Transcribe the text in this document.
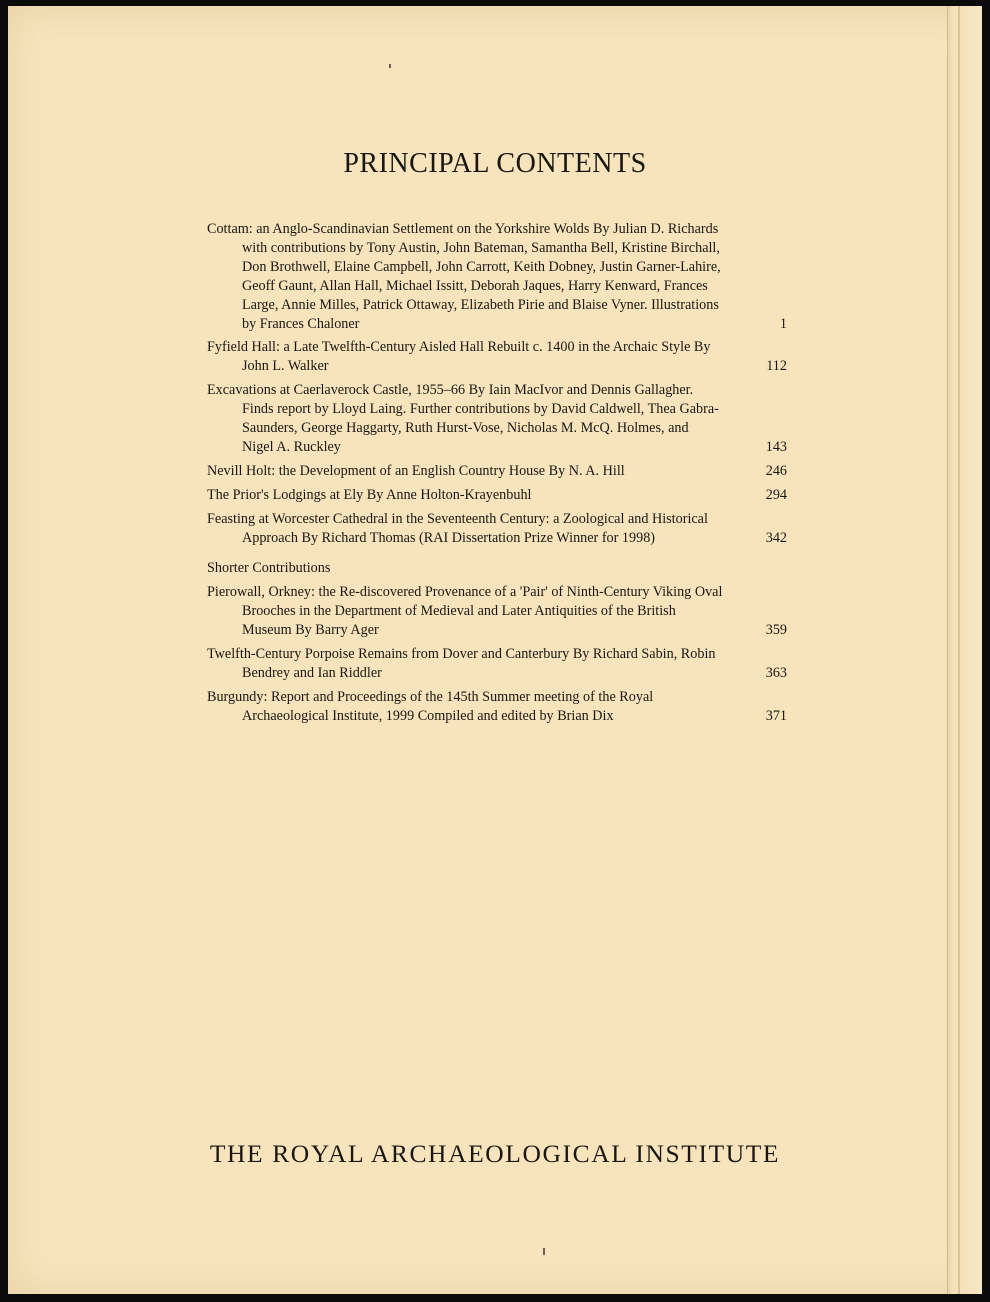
PRINCIPAL CONTENTS
Cottam: an Anglo-Scandinavian Settlement on the Yorkshire Wolds By Julian D. Richards with contributions by Tony Austin, John Bateman, Samantha Bell, Kristine Birchall, Don Brothwell, Elaine Campbell, John Carrott, Keith Dobney, Justin Garner-Lahire, Geoff Gaunt, Allan Hall, Michael Issitt, Deborah Jaques, Harry Kenward, Frances Large, Annie Milles, Patrick Ottaway, Elizabeth Pirie and Blaise Vyner. Illustrations by Frances Chaloner	1
Fyfield Hall: a Late Twelfth-Century Aisled Hall Rebuilt c. 1400 in the Archaic Style By John L. Walker	112
Excavations at Caerlaverock Castle, 1955–66 By Iain MacIvor and Dennis Gallagher. Finds report by Lloyd Laing. Further contributions by David Caldwell, Thea Gabra-Saunders, George Haggarty, Ruth Hurst-Vose, Nicholas M. McQ. Holmes, and Nigel A. Ruckley	143
Nevill Holt: the Development of an English Country House By N. A. Hill	246
The Prior's Lodgings at Ely By Anne Holton-Krayenbuhl	294
Feasting at Worcester Cathedral in the Seventeenth Century: a Zoological and Historical Approach By Richard Thomas (RAI Dissertation Prize Winner for 1998)	342
Shorter Contributions
Pierowall, Orkney: the Re-discovered Provenance of a 'Pair' of Ninth-Century Viking Oval Brooches in the Department of Medieval and Later Antiquities of the British Museum By Barry Ager	359
Twelfth-Century Porpoise Remains from Dover and Canterbury By Richard Sabin, Robin Bendrey and Ian Riddler	363
Burgundy: Report and Proceedings of the 145th Summer meeting of the Royal Archaeological Institute, 1999 Compiled and edited by Brian Dix	371
THE ROYAL ARCHAEOLOGICAL INSTITUTE
